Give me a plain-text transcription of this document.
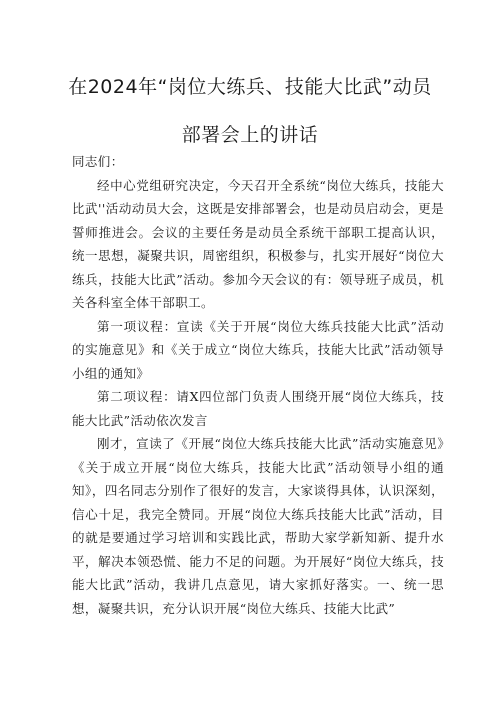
在2024年“岗位大练兵、技能大比武”动员
部署会上的讲话

同志们：

经中心党组研究决定，今天召开全系统“岗位大练兵，技能大比武''活动动员大会，这既是安排部署会，也是动员启动会，更是誓师推进会。会议的主要任务是动员全系统干部职工提高认识，统一思想，凝聚共识，周密组织，积极参与，扎实开展好“岗位大练兵，技能大比武”活动。参加今天会议的有：领导班子成员，机关各科室全体干部职工。

第一项议程：宣读《关于开展“岗位大练兵技能大比武”活动的实施意见》和《关于成立“岗位大练兵，技能大比武”活动领导小组的通知》

第二项议程：请X四位部门负责人围绕开展“岗位大练兵，技能大比武”活动依次发言

刚才，宣读了《开展“岗位大练兵技能大比武”活动实施意见》《关于成立开展“岗位大练兵，技能大比武”活动领导小组的通知》，四名同志分别作了很好的发言，大家谈得具体，认识深刻，信心十足，我完全赞同。开展“岗位大练兵技能大比武”活动，目的就是要通过学习培训和实践比武，帮助大家学新知新、提升水平，解决本领恐慌、能力不足的问题。为开展好“岗位大练兵，技能大比武”活动，我讲几点意见，请大家抓好落实。一、统一思想，凝聚共识，充分认识开展“岗位大练兵、技能大比武”
